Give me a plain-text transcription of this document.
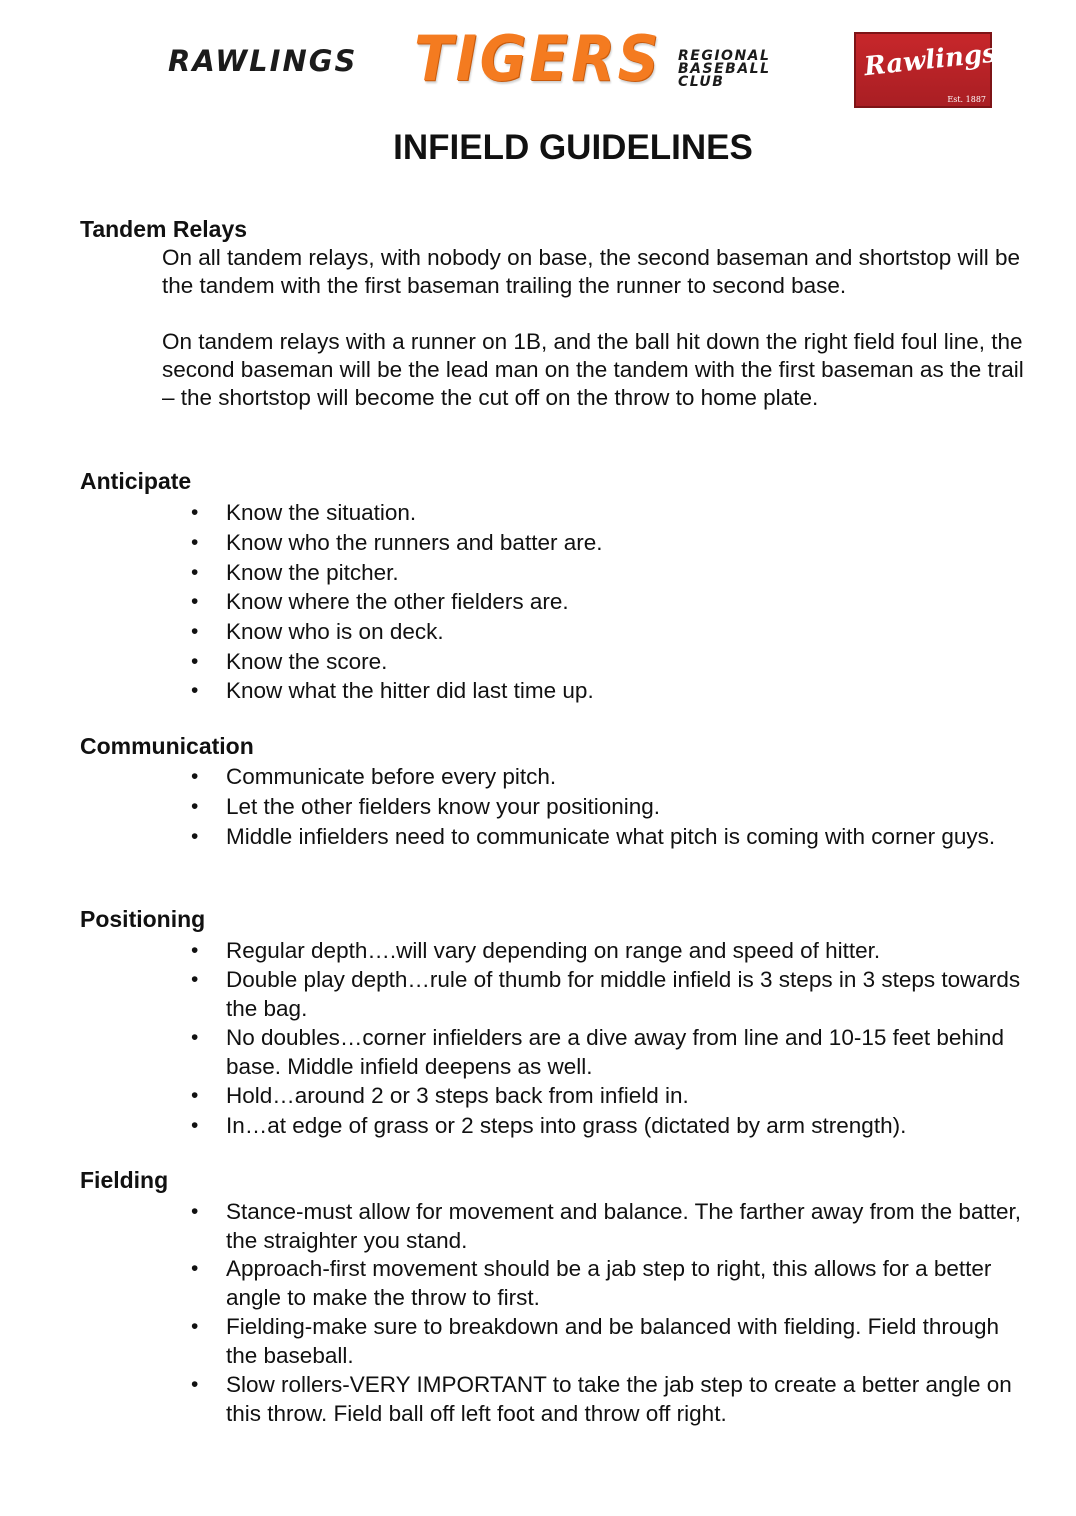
RAWLINGS TIGERS REGIONAL
BASEBALL
CLUB	Rawlings
Est. 1887
INFIELD GUIDELINES
Tandem Relays
On all tandem relays, with nobody on base, the second baseman and shortstop will be the tandem with the first baseman trailing the runner to second base.
On tandem relays with a runner on 1B, and the ball hit down the right field foul line, the second baseman will be the lead man on the tandem with the first baseman as the trail – the shortstop will become the cut off on the throw to home plate.
Anticipate
• Know the situation.
• Know who the runners and batter are.
• Know the pitcher.
• Know where the other fielders are.
• Know who is on deck.
• Know the score.
• Know what the hitter did last time up.
Communication
• Communicate before every pitch.
• Let the other fielders know your positioning.
• Middle infielders need to communicate what pitch is coming with corner guys.
Positioning
• Regular depth….will vary depending on range and speed of hitter.
• Double play depth…rule of thumb for middle infield is 3 steps in 3 steps towards the bag.
• No doubles…corner infielders are a dive away from line and 10-15 feet behind base. Middle infield deepens as well.
• Hold…around 2 or 3 steps back from infield in.
• In…at edge of grass or 2 steps into grass (dictated by arm strength).
Fielding
• Stance-must allow for movement and balance. The farther away from the batter, the straighter you stand.
• Approach-first movement should be a jab step to right, this allows for a better angle to make the throw to first.
• Fielding-make sure to breakdown and be balanced with fielding. Field through the baseball.
• Slow rollers-VERY IMPORTANT to take the jab step to create a better angle on this throw. Field ball off left foot and throw off right.
